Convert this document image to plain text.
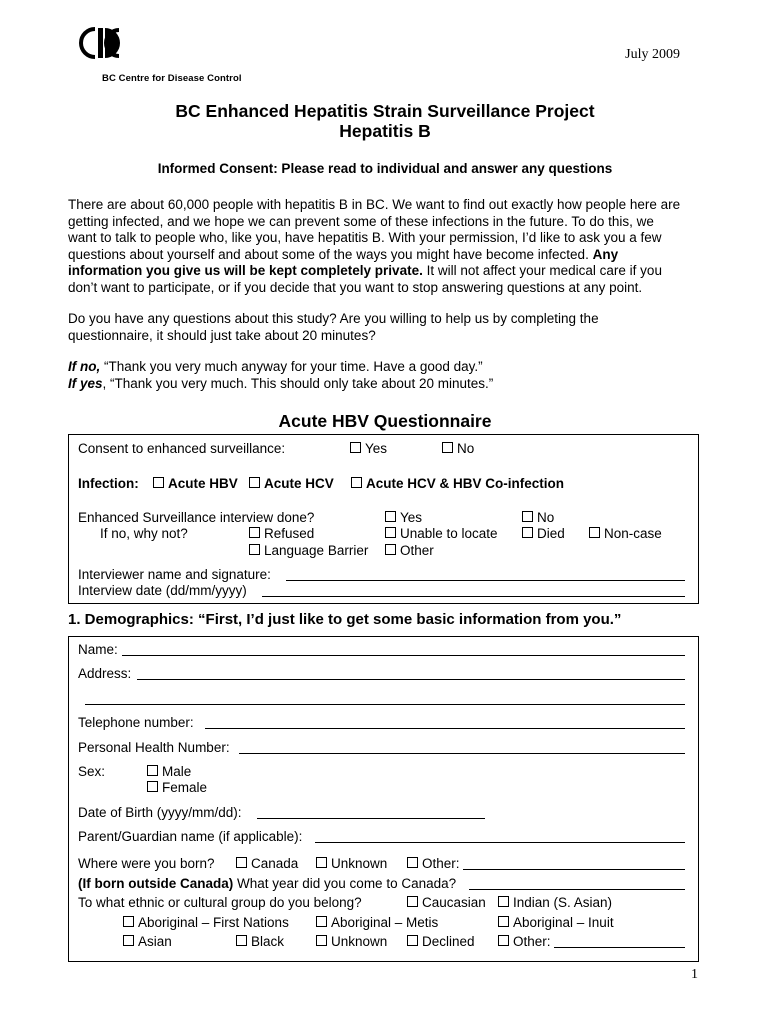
BC Centre for Disease Control
July 2009
BC Enhanced Hepatitis Strain Surveillance Project
Hepatitis B
Informed Consent: Please read to individual and answer any questions
There are about 60,000 people with hepatitis B in BC. We want to find out exactly how people here are
getting infected, and we hope we can prevent some of these infections in the future. To do this, we
want to talk to people who, like you, have hepatitis B. With your permission, I’d like to ask you a few
questions about yourself and about some of the ways you might have become infected. Any
information you give us will be kept completely private. It will not affect your medical care if you
don’t want to participate, or if you decide that you want to stop answering questions at any point.
Do you have any questions about this study? Are you willing to help us by completing the
questionnaire, it should just take about 20 minutes?
If no, “Thank you very much anyway for your time. Have a good day.”
If yes, “Thank you very much. This should only take about 20 minutes.”
Acute HBV Questionnaire
Consent to enhanced surveillance:	Yes	No
Infection:	Acute HBV	Acute HCV	Acute HCV & HBV Co-infection
Enhanced Surveillance interview done?	Yes	No
If no, why not?	Refused	Unable to locate	Died	Non-case
Language Barrier	Other
Interviewer name and signature:
Interview date (dd/mm/yyyy)
1. Demographics: “First, I’d just like to get some basic information from you.”
Name:
Address:
Telephone number:
Personal Health Number:
Sex:	Male
Female
Date of Birth (yyyy/mm/dd):
Parent/Guardian name (if applicable):
Where were you born?	Canada	Unknown	Other:
(If born outside Canada) What year did you come to Canada?
To what ethnic or cultural group do you belong?	Caucasian	Indian (S. Asian)
Aboriginal – First Nations	Aboriginal – Metis	Aboriginal – Inuit
Asian	Black	Unknown	Declined	Other:
1
